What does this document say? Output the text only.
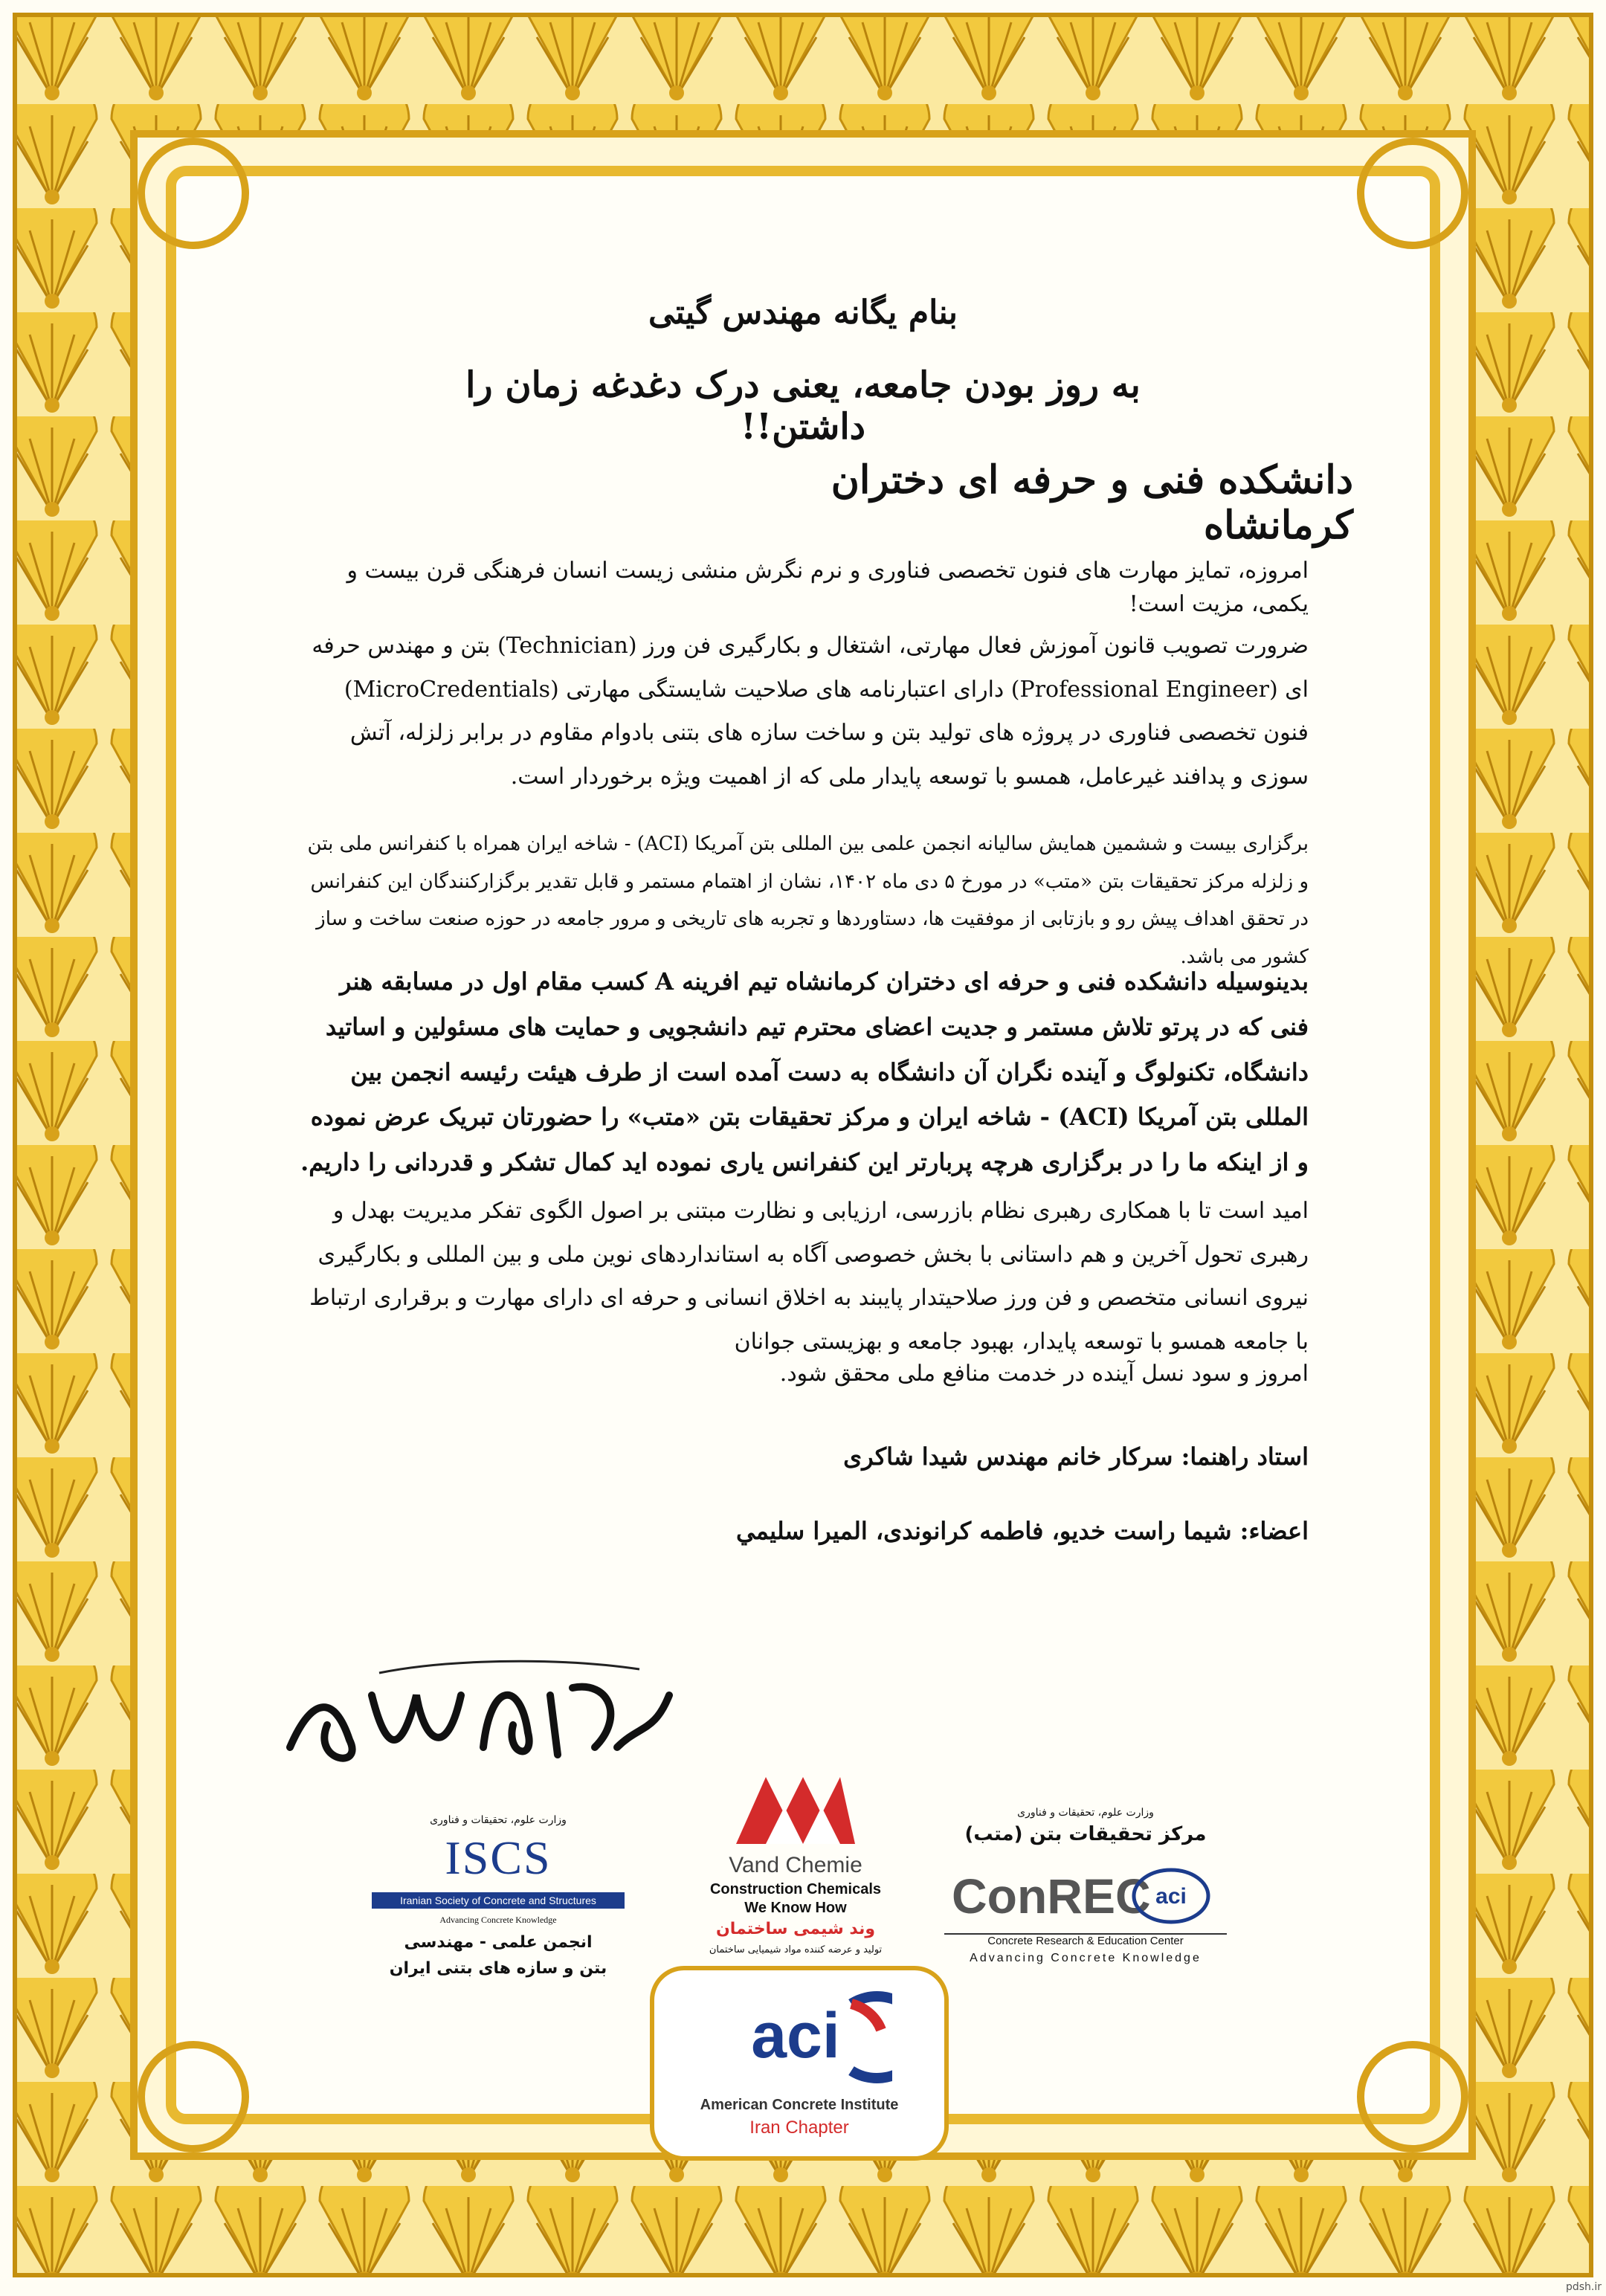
بنام یگانه مهندس گیتی
به روز بودن جامعه، یعنی درک دغدغه زمان را داشتن!!
دانشکده فنی و حرفه ای دختران کرمانشاه
امروزه، تمایز مهارت های فنون تخصصی فناوری و نرم نگرش منشی زیست انسان فرهنگی قرن بیست و یکمی، مزیت است!
ضرورت تصویب قانون آموزش فعال مهارتی، اشتغال و بکارگیری فن ورز (Technician) بتن و مهندس حرفه ای (Professional Engineer) دارای اعتبارنامه های صلاحیت شایستگی مهارتی (MicroCredentials) فنون تخصصی فناوری در پروژه های تولید بتن و ساخت سازه های بتنی بادوام مقاوم در برابر زلزله، آتش سوزی و پدافند غیرعامل، همسو با توسعه پایدار ملی که از اهمیت ویژه برخوردار است.
برگزاری بیست و ششمین همایش سالیانه انجمن علمی بین المللی بتن آمریکا (ACI) - شاخه ایران همراه با کنفرانس ملی بتن و زلزله مرکز تحقیقات بتن «متب» در مورخ ۵ دی ماه ۱۴۰۲، نشان از اهتمام مستمر و قابل تقدیر برگزارکنندگان این کنفرانس در تحقق اهداف پیش رو و بازتابی از موفقیت ها، دستاوردها و تجربه های تاریخی و مرور جامعه در حوزه صنعت ساخت و ساز کشور می باشد.
بدینوسیله دانشکده فنی و حرفه ای دختران کرمانشاه تیم افرینه A کسب مقام اول در مسابقه هنر فنی که در پرتو تلاش مستمر و جدیت اعضای محترم تیم دانشجویی و حمایت های مسئولین و اساتید دانشگاه، تکنولوگ و آینده نگران آن دانشگاه به دست آمده است از طرف هیئت رئیسه انجمن بین المللی بتن آمریکا (ACI) - شاخه ایران و مرکز تحقیقات بتن «متب» را حضورتان تبریک عرض نموده و از اینکه ما را در برگزاری هرچه پربارتر این کنفرانس یاری نموده اید کمال تشکر و قدردانی را داریم.
امید است تا با همکاری رهبری نظام بازرسی، ارزیابی و نظارت مبتنی بر اصول الگوی تفکر مدیریت بهدل و رهبری تحول آخرین و هم داستانی با بخش خصوصی آگاه به استانداردهای نوین ملی و بین المللی و بکارگیری نیروی انسانی متخصص و فن ورز صلاحیتدار پایبند به اخلاق انسانی و حرفه ای دارای مهارت و برقراری ارتباط با جامعه همسو با توسعه پایدار، بهبود جامعه و بهزیستی جوانان
امروز و سود نسل آینده در خدمت منافع ملی محقق شود.
استاد راهنما: سرکار خانم مهندس شیدا شاکری
اعضاء: شیما راست خدیو، فاطمه کرانوندی، الميرا سليمي
وزارت علوم، تحقیقات و فناوری
ISCS
Iranian Society of Concrete and Structures
Advancing Concrete Knowledge
انجمن علمی - مهندسی
بتن و سازه های بتنی ایران
Vand Chemie
Construction Chemicals
We Know How
وند شیمی ساختمان
تولید و عرضه کننده مواد شیمیایی ساختمان
وزارت علوم، تحقیقات و فناوری
مرکز تحقیقات بتن (متب)
ConREC aci
Concrete Research & Education Center
Advancing Concrete Knowledge
aci
American Concrete Institute
Iran Chapter
pdsh.ir
